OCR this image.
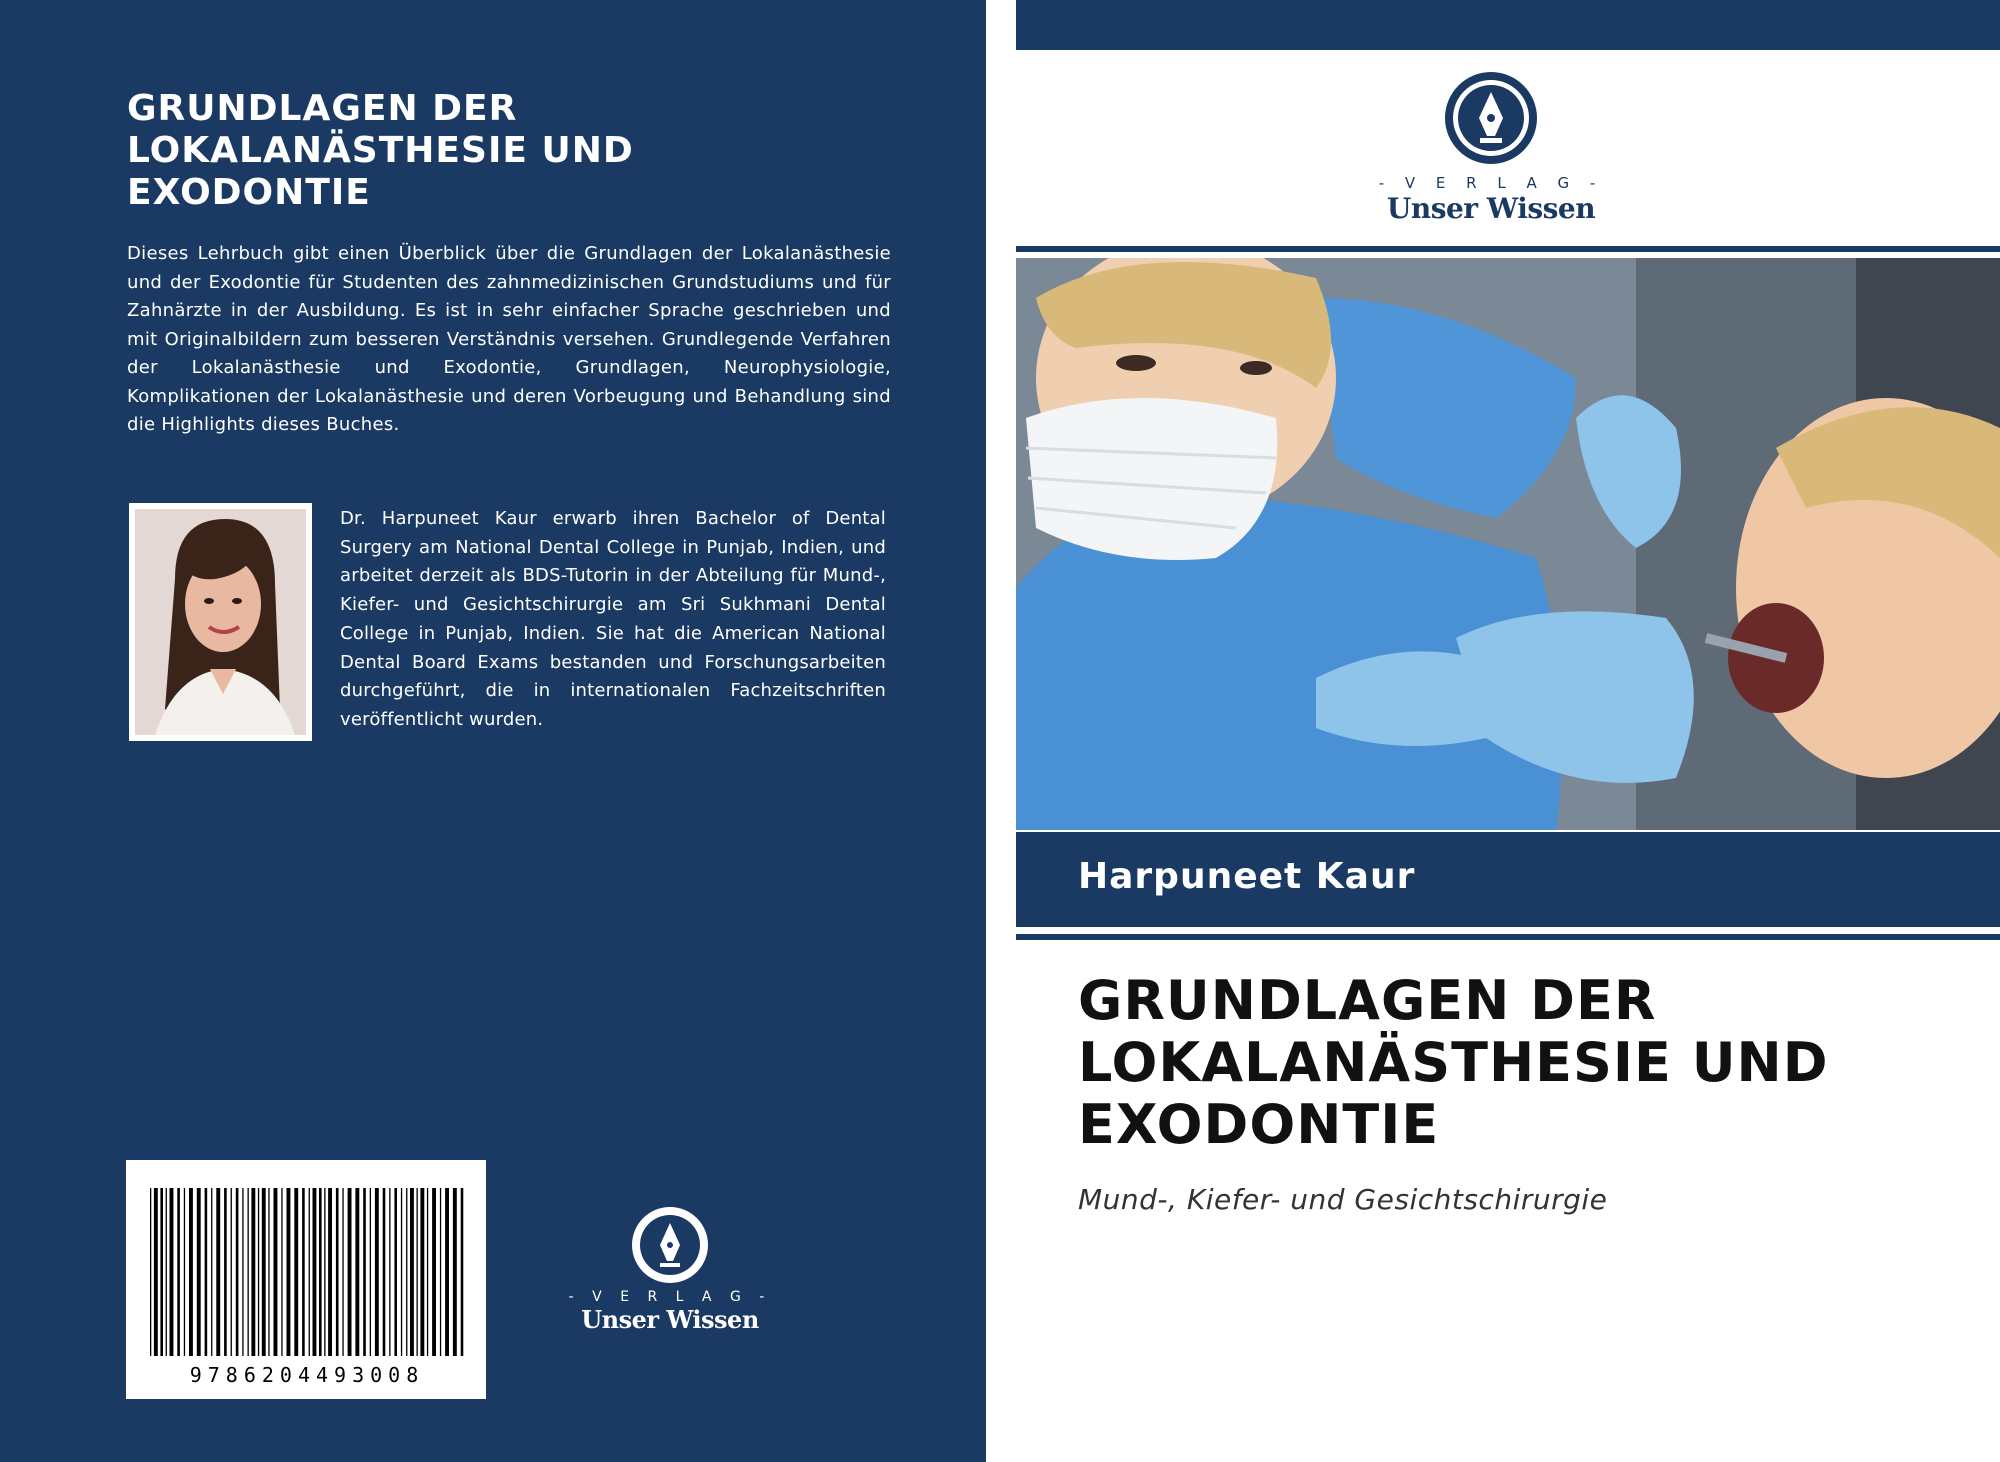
GRUNDLAGEN DER LOKALANÄSTHESIE UND EXODONTIE
Dieses Lehrbuch gibt einen Überblick über die Grundlagen der Lokalanästhesie und der Exodontie für Studenten des zahnmedizinischen Grundstudiums und für Zahnärzte in der Ausbildung. Es ist in sehr einfacher Sprache geschrieben und mit Originalbildern zum besseren Verständnis versehen. Grundlegende Verfahren der Lokalanästhesie und Exodontie, Grundlagen, Neurophysiologie, Komplikationen der Lokalanästhesie und deren Vorbeugung und Behandlung sind die Highlights dieses Buches.
Dr. Harpuneet Kaur erwarb ihren Bachelor of Dental Surgery am National Dental College in Punjab, Indien, und arbeitet derzeit als BDS-Tutorin in der Abteilung für Mund-, Kiefer- und Gesichtschirurgie am Sri Sukhmani Dental College in Punjab, Indien. Sie hat die American National Dental Board Exams bestanden und Forschungsarbeiten durchgeführt, die in internationalen Fachzeitschriften veröffentlicht wurden.
9786204493008
- V E R L A G -
Unser Wissen
- V E R L A G -
Unser Wissen
Harpuneet Kaur
GRUNDLAGEN DER LOKALANÄSTHESIE UND EXODONTIE
Mund-, Kiefer- und Gesichtschirurgie
